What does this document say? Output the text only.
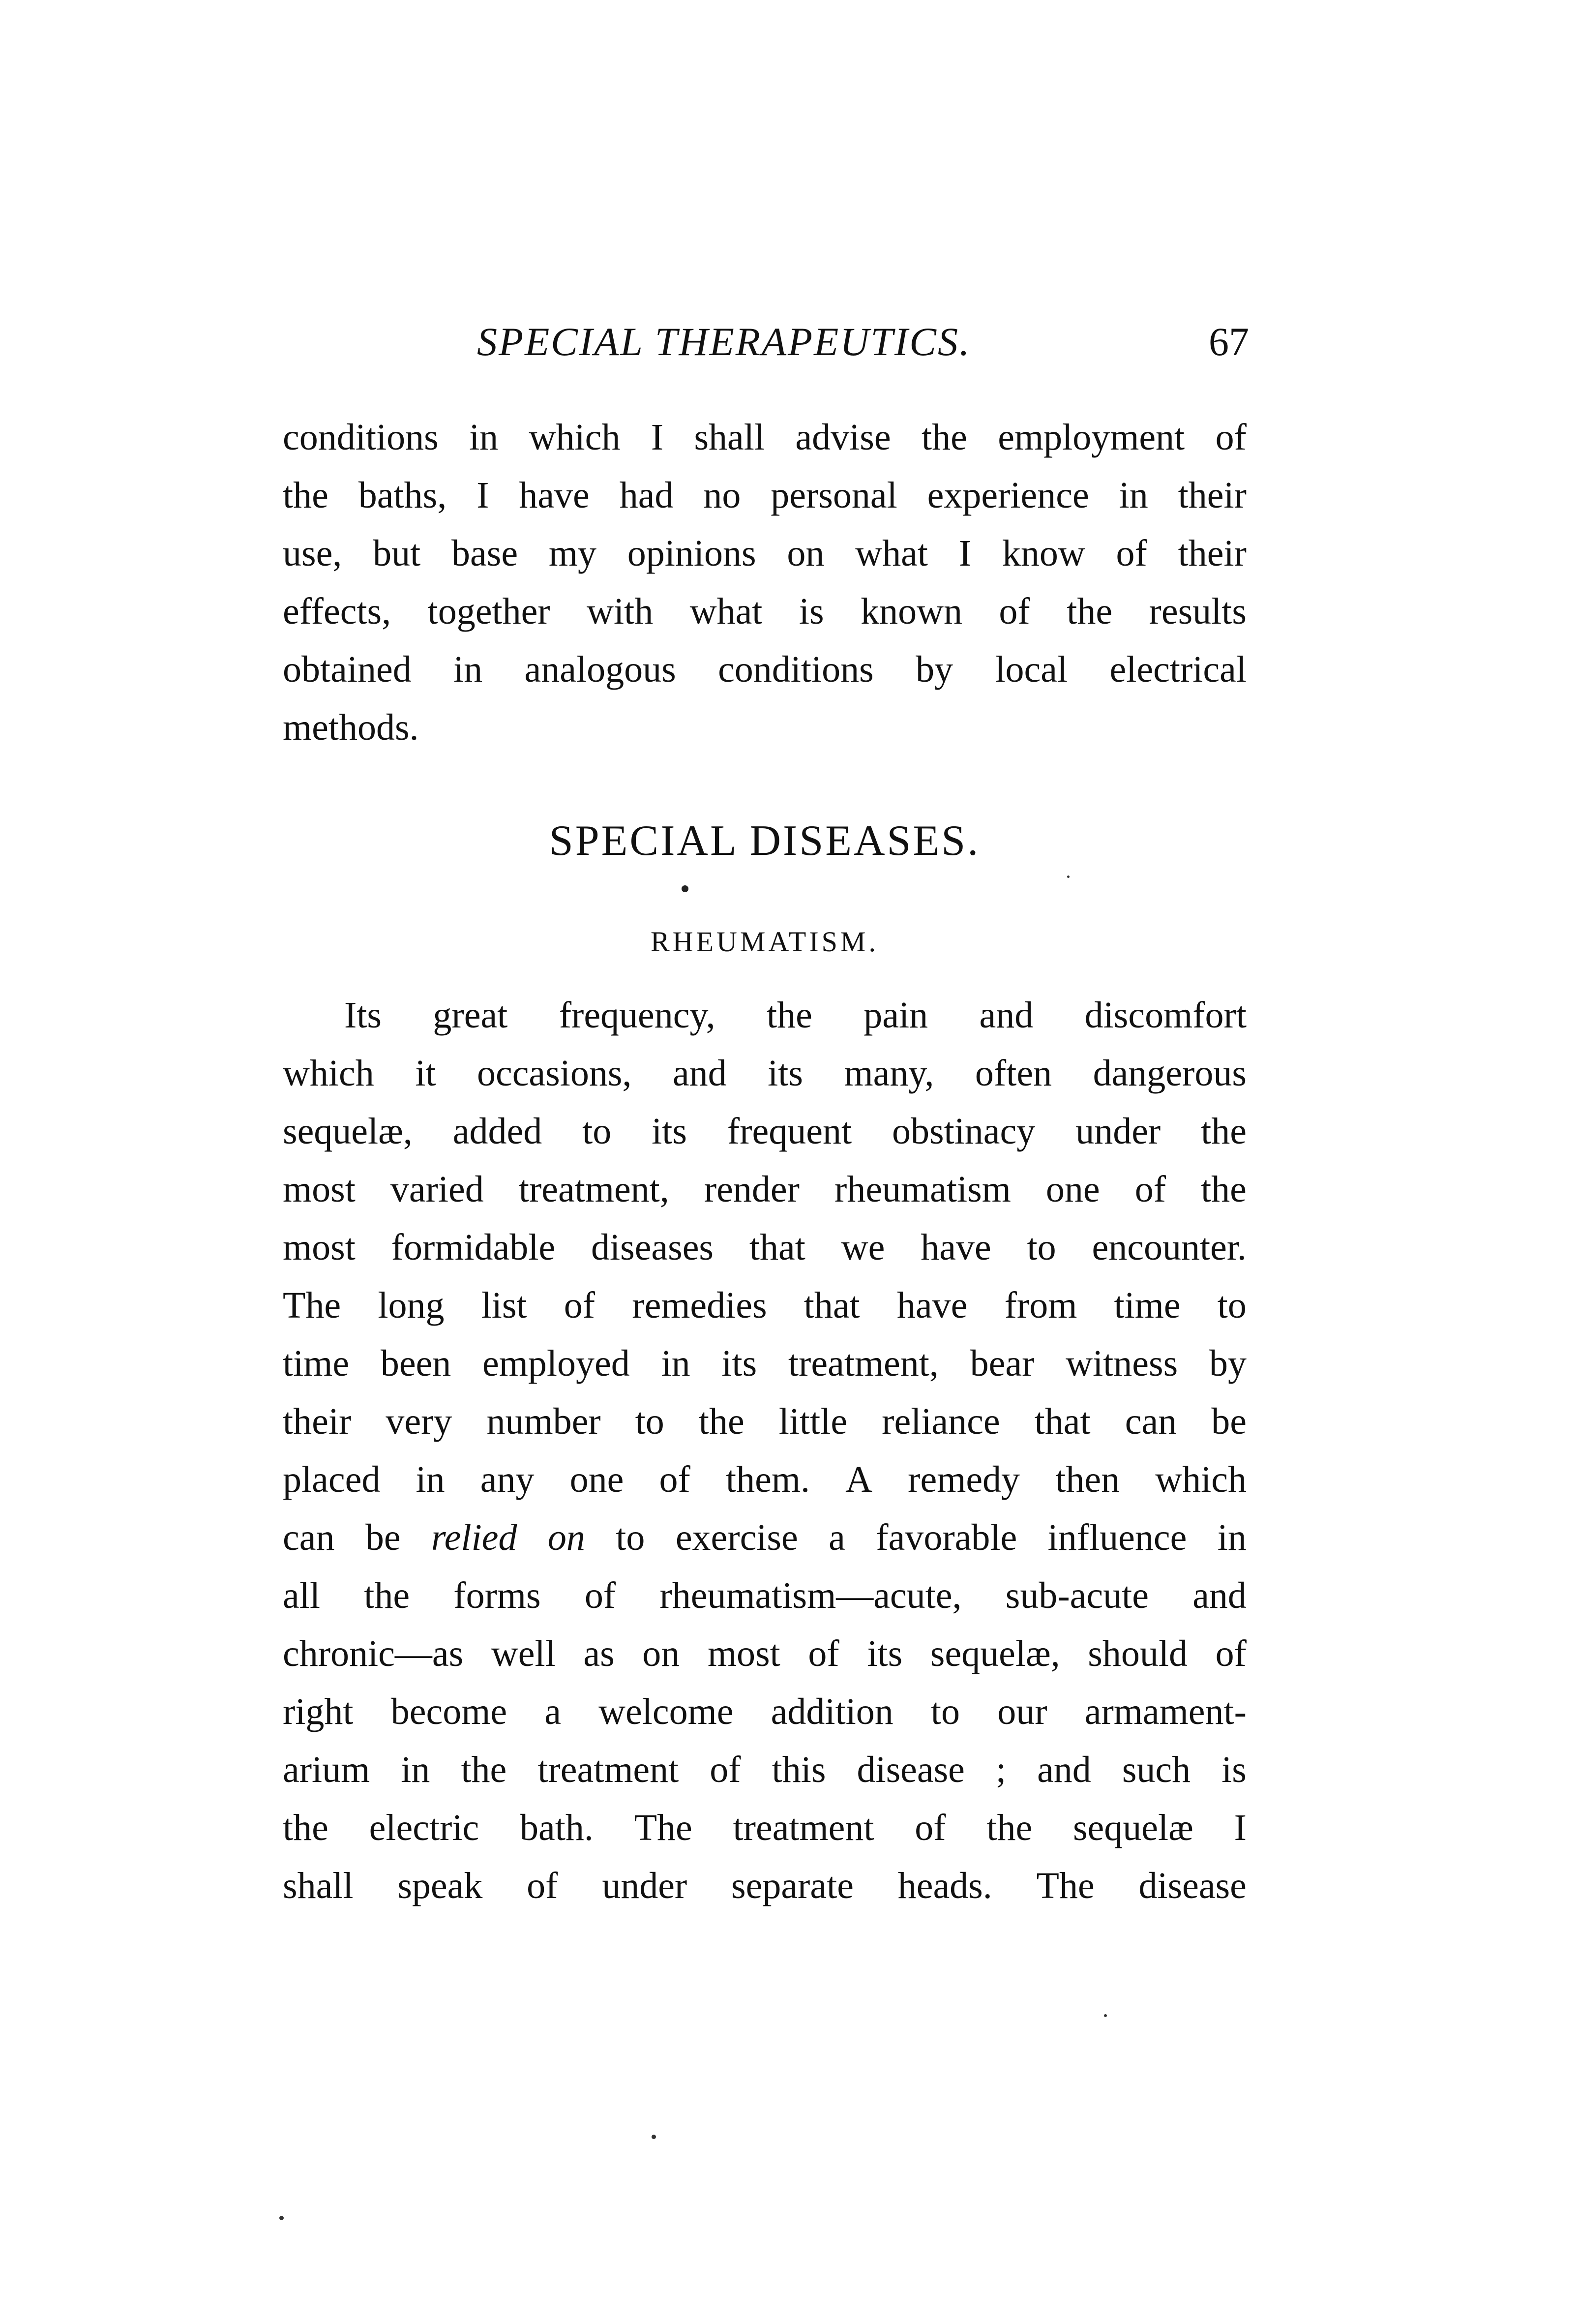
SPECIAL THERAPEUTICS.	67
conditions in which I shall advise the employment of
the baths, I have had no personal experience in their
use, but base my opinions on what I know of their
effects, together with what is known of the results
obtained in analogous conditions by local electrical
methods.
SPECIAL DISEASES.
RHEUMATISM.
Its great frequency, the pain and discomfort
which it occasions, and its many, often dangerous
sequelæ, added to its frequent obstinacy under the
most varied treatment, render rheumatism one of the
most formidable diseases that we have to encounter.
The long list of remedies that have from time to
time been employed in its treatment, bear witness by
their very number to the little reliance that can be
placed in any one of them. A remedy then which
can be relied on to exercise a favorable influence in
all the forms of rheumatism—acute, sub-acute and
chronic—as well as on most of its sequelæ, should of
right become a welcome addition to our armament-
arium in the treatment of this disease ; and such is
the electric bath. The treatment of the sequelæ I
shall speak of under separate heads. The disease
